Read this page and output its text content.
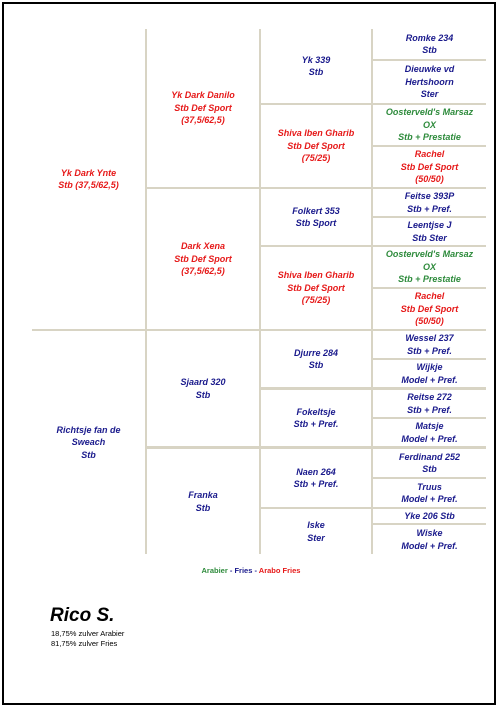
Yk Dark Ynte
Stb (37,5/62,5)
Richtsje fan de
Sweach
Stb
Yk Dark Danilo
Stb Def Sport
(37,5/62,5)
Dark Xena
Stb Def Sport
(37,5/62,5)
Sjaard 320
Stb
Franka
Stb
Yk 339
Stb
Shiva Iben Gharib
Stb Def Sport
(75/25)
Folkert 353
Stb Sport
Shiva Iben Gharib
Stb Def Sport
(75/25)
Djurre 284
Stb
Fokeltsje
Stb + Pref.
Naen 264
Stb + Pref.
Iske
Ster
Romke 234
Stb
Dieuwke vd
Hertshoorn
Ster
Oosterveld's Marsaz
OX
Stb + Prestatie
Rachel
Stb Def Sport
(50/50)
Feitse 393P
Stb + Pref.
Leentjse J
Stb Ster
Oosterveld's Marsaz
OX
Stb + Prestatie
Rachel
Stb Def Sport
(50/50)
Wessel 237
Stb + Pref.
Wijkje
Model + Pref.
Reitse 272
Stb + Pref.
Matsje
Model + Pref.
Ferdinand 252
Stb
Truus
Model + Pref.
Yke 206 Stb
Wiske
Model + Pref.
Arabier - Fries - Arabo Fries
Rico S.
18,75% zulver Arabier
81,75% zulver Fries
